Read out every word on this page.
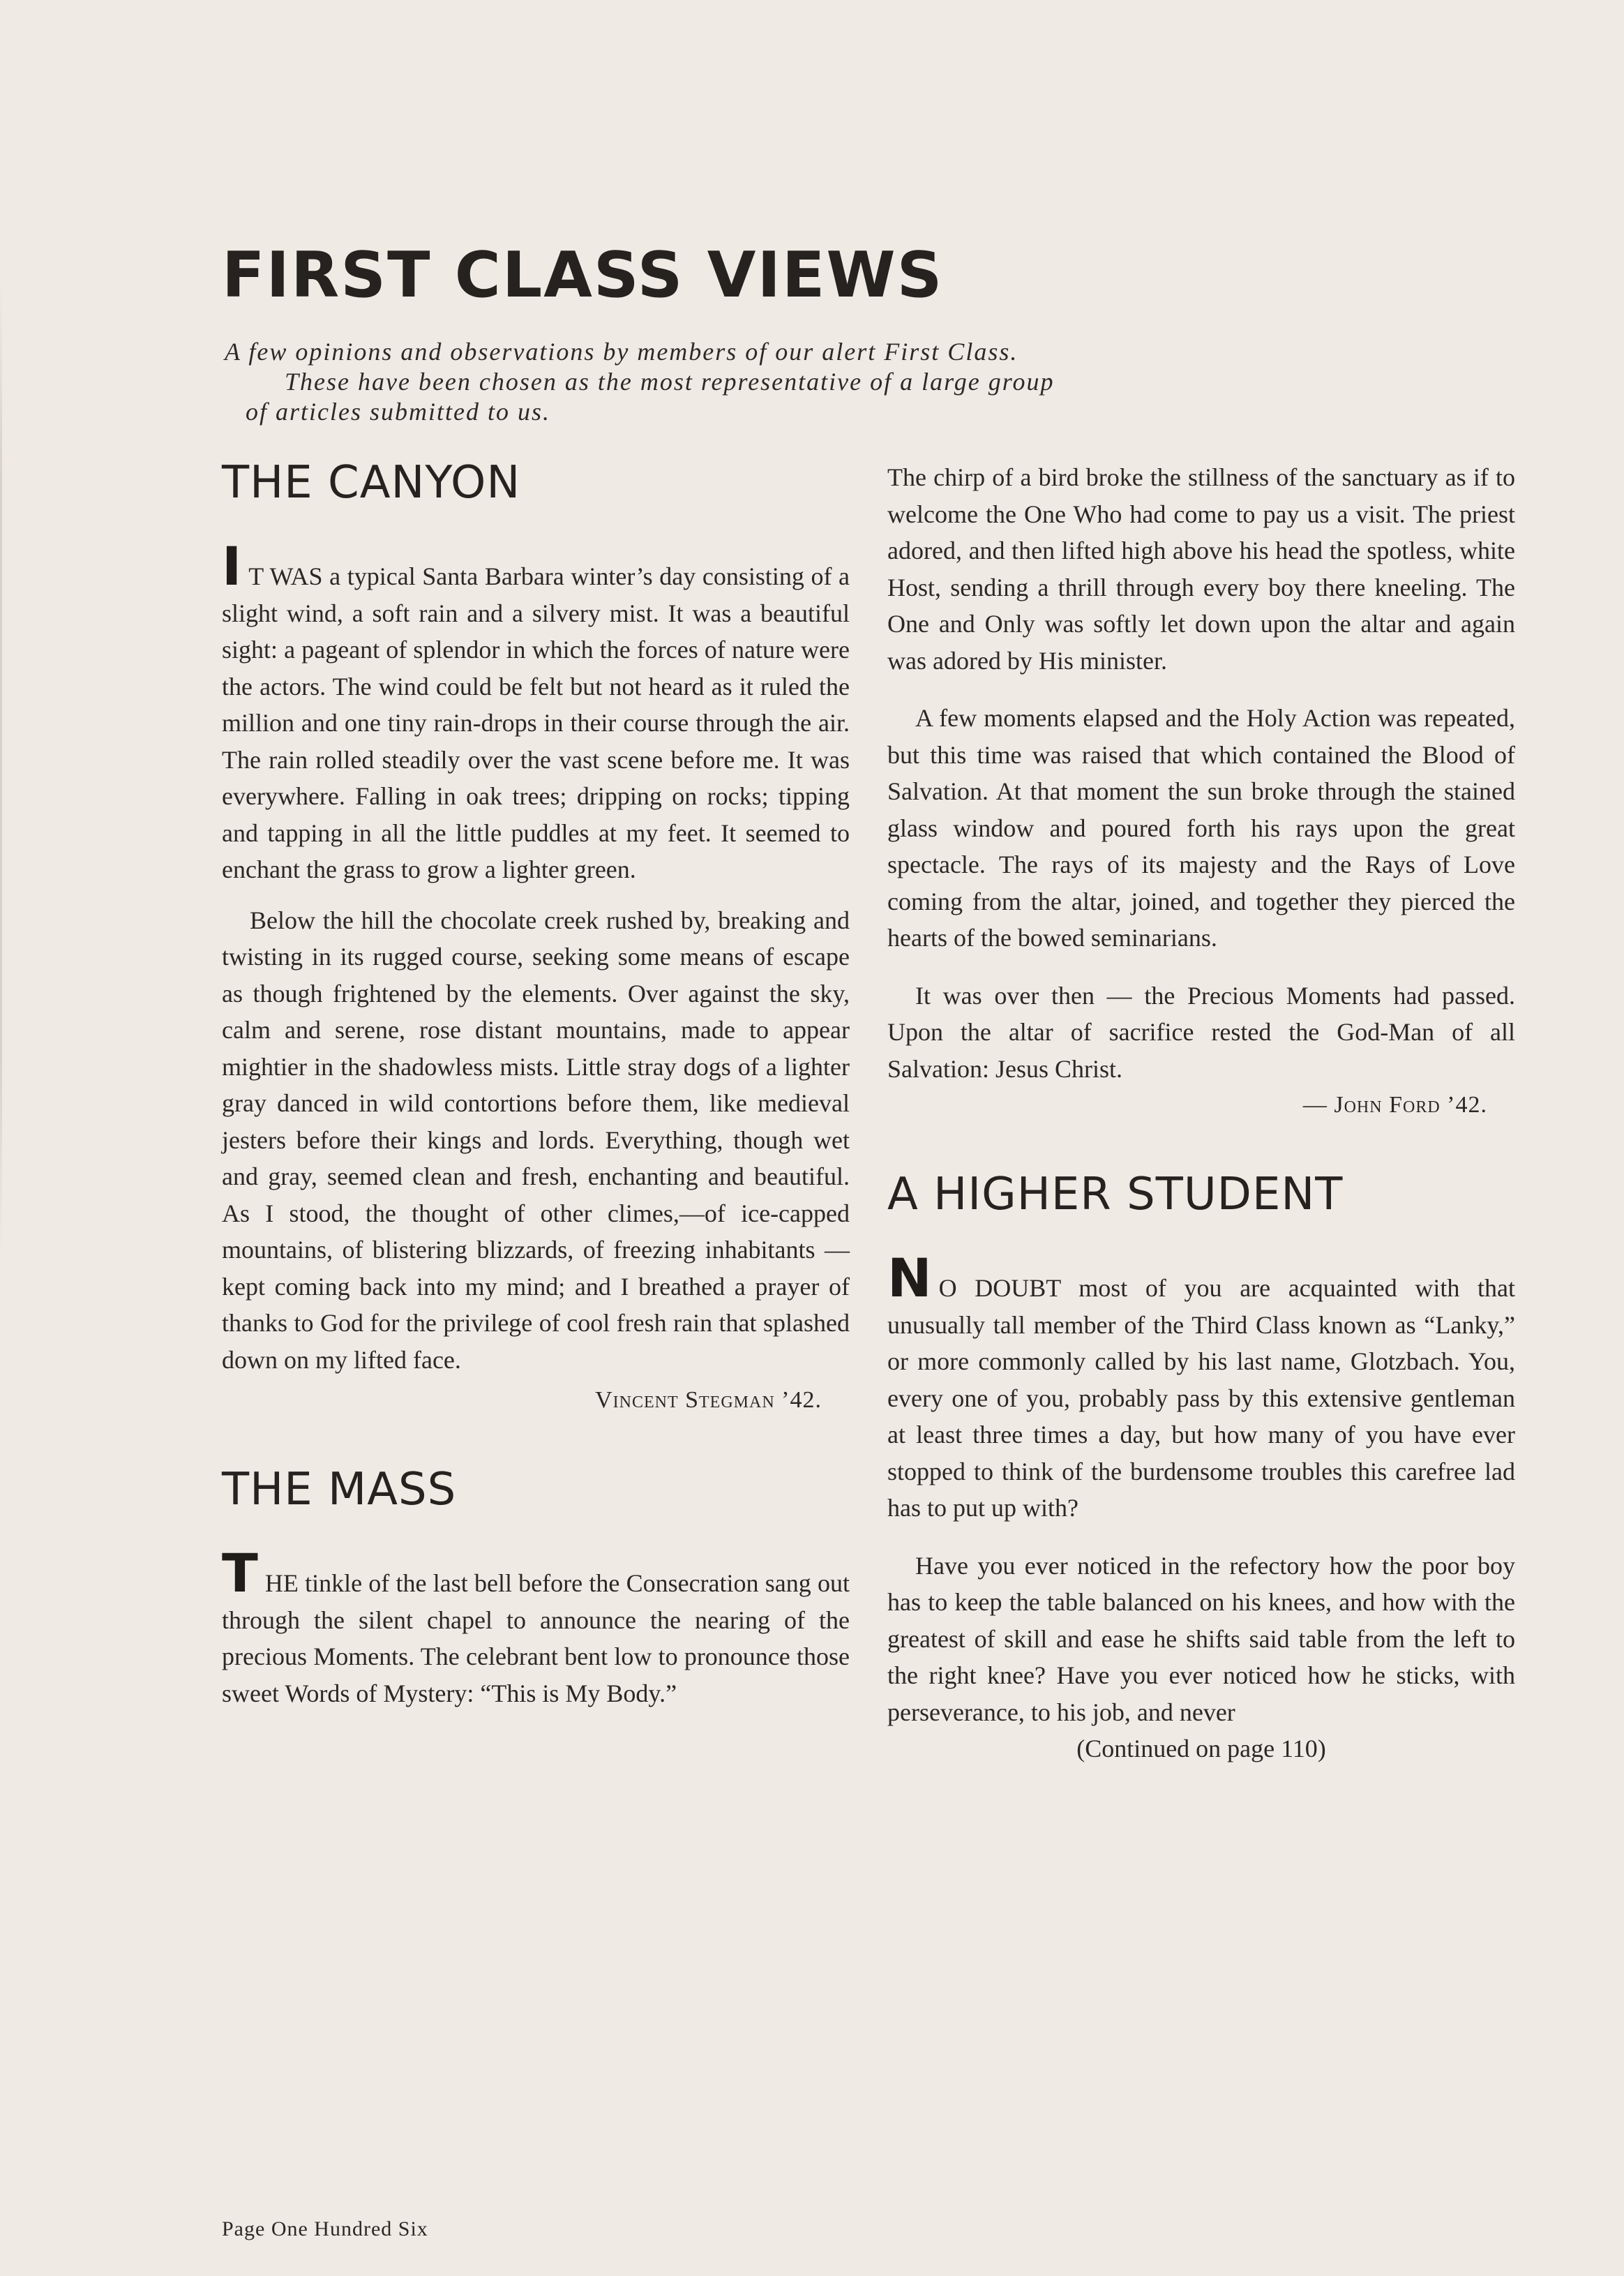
FIRST CLASS VIEWS
A few opinions and observations by members of our alert First Class.
These have been chosen as the most representative of a large group
of articles submitted to us.
THE CANYON

I T WAS a typical Santa Barbara winter’s day consisting of a slight wind, a soft rain and a silvery mist. It was a beautiful sight: a pageant of splendor in which the forces of nature were the actors. The wind could be felt but not heard as it ruled the million and one tiny rain-drops in their course through the air. The rain rolled steadily over the vast scene before me. It was everywhere. Falling in oak trees; dripping on rocks; tipping and tapping in all the little puddles at my feet. It seemed to enchant the grass to grow a lighter green.

Below the hill the chocolate creek rushed by, breaking and twisting in its rugged course, seeking some means of escape as though frightened by the elements. Over against the sky, calm and serene, rose distant mountains, made to appear mightier in the shadowless mists. Little stray dogs of a lighter gray danced in wild contortions before them, like medieval jesters before their kings and lords. Everything, though wet and gray, seemed clean and fresh, enchanting and beautiful. As I stood, the thought of other climes,—of ice-capped mountains, of blistering blizzards, of freezing inhabitants — kept coming back into my mind; and I breathed a prayer of thanks to God for the privilege of cool fresh rain that splashed down on my lifted face.

Vincent Stegman ’42.
THE MASS

THE tinkle of the last bell before the Consecration sang out through the silent chapel to announce the nearing of the precious Moments. The celebrant bent low to pronounce those sweet Words of Mystery: “This is My Body.”

The chirp of a bird broke the stillness of the sanctuary as if to welcome the One Who had come to pay us a visit. The priest adored, and then lifted high above his head the spotless, white Host, sending a thrill through every boy there kneeling. The One and Only was softly let down upon the altar and again was adored by His minister.

A few moments elapsed and the Holy Action was repeated, but this time was raised that which contained the Blood of Salvation. At that moment the sun broke through the stained glass window and poured forth his rays upon the great spectacle. The rays of its majesty and the Rays of Love coming from the altar, joined, and together they pierced the hearts of the bowed seminarians.

It was over then — the Precious Moments had passed. Upon the altar of sacrifice rested the God-Man of all Salvation: Jesus Christ.

— John Ford ’42.
A HIGHER STUDENT

N O DOUBT most of you are acquainted with that unusually tall member of the Third Class known as “Lanky,” or more commonly called by his last name, Glotzbach. You, every one of you, probably pass by this extensive gentleman at least three times a day, but how many of you have ever stopped to think of the burdensome troubles this carefree lad has to put up with?

Have you ever noticed in the refectory how the poor boy has to keep the table balanced on his knees, and how with the greatest of skill and ease he shifts said table from the left to the right knee? Have you ever noticed how he sticks, with perseverance, to his job, and never

(Continued on page 110)
Page One Hundred Six
